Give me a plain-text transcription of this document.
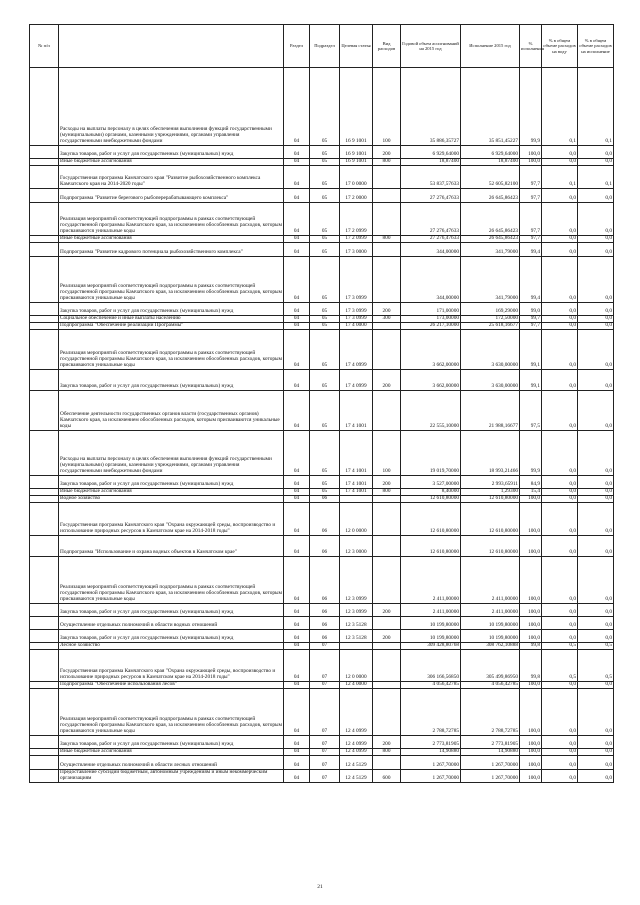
№ п/п		Раздел	Подраздел	Целевая статья	Вид расходов	Годовой объем ассигнований на 2015 год	Исполнение 2015 год	% исполнения	% в общем объеме расходов на воду	% в общем объеме расходов на исполнение
	Расходы на выплаты персоналу в целях обеспечения выполнения функций государственными (муниципальными) органами, казенными учреждениями, органами управления государственными внебюджетными фондами	04	05	16 9 1001	100	35 886,35727	35 851,45227	99,9	0,1	0,1
	Закупка товаров, работ и услуг для государственных (муниципальных) нужд	04	05	16 9 1001	200	6 929,64000	6 929,64000	100,0	0,0	0,0
	Иные бюджетные ассигнования	04	05	16 9 1001	800	18,87400	18,87400	100,0	0,0	0,0
	Государственная программа Камчатского края "Развитие рыбохозяйственного комплекса Камчатского края на 2014-2020 годы"	04	05	17 0 0000		53 837,57633	52 605,82100	97,7	0,1	0,1
	Подпрограмма "Развитие берегового рыбоперерабатывающего комплекса"	04	05	17 2 0000		27 276,47633	26 645,86423	97,7	0,0	0,0
	Реализация мероприятий соответствующей подпрограммы в рамках соответствующей государственной программы Камчатского края, за исключением обособленных расходов, которым присваиваются уникальные коды	04	05	17 2 0999		27 276,47633	26 645,86423	97,7	0,0	0,0
	Иные бюджетные ассигнования	04	05	17 2 0999	800	27 276,47633	26 645,86423	97,7	0,0	0,0
	Подпрограмма "Развитие кадрового потенциала рыбохозяйственного комплекса"	04	05	17 3 0000		344,00000	341,79000	99,4	0,0	0,0
	Реализация мероприятий соответствующей подпрограммы в рамках соответствующей государственной программы Камчатского края, за исключением обособленных расходов, которым присваиваются уникальные коды	04	05	17 3 0999		344,00000	341,79000	99,4	0,0	0,0
	Закупка товаров, работ и услуг для государственных (муниципальных) нужд	04	05	17 3 0999	200	171,00000	169,29000	99,0	0,0	0,0
	Социальное обеспечение и иные выплаты населению	04	05	17 3 0999	300	173,00000	172,50000	99,7	0,0	0,0
	Подпрограмма "Обеспечение реализации Программы"	04	05	17 4 0000		26 217,10000	25 618,16677	97,7	0,0	0,0
	Реализация мероприятий соответствующей подпрограммы в рамках соответствующей государственной программы Камчатского края, за исключением обособленных расходов, которым присваиваются уникальные коды	04	05	17 4 0999		3 662,00000	3 630,00000	99,1	0,0	0,0
	Закупка товаров, работ и услуг для государственных (муниципальных) нужд	04	05	17 4 0999	200	3 662,00000	3 630,00000	99,1	0,0	0,0
	Обеспечение деятельности государственных органов власти (государственных органов) Камчатского края, за исключением обособленных расходов, которым присваиваются уникальные коды	04	05	17 4 1001		22 555,10000	21 988,16677	97,5	0,0	0,0
	Расходы на выплаты персоналу в целях обеспечения выполнения функций государственными (муниципальными) органами, казенными учреждениями, органами управления государственными внебюджетными фондами	04	05	17 4 1001	100	19 019,70000	18 993,21466	99,9	0,0	0,0
	Закупка товаров, работ и услуг для государственных (муниципальных) нужд	04	05	17 4 1001	200	3 527,00000	2 993,65911	84,9	0,0	0,0
	Иные бюджетные ассигнования	04	05	17 4 1001	800	8,40000	1,29300	15,4	0,0	0,0
	Водное хозяйство	04	06			12 610,80000	12 610,80000	100,0	0,0	0,0
	Государственная программа Камчатского края "Охрана окружающей среды, воспроизводство и использование природных ресурсов в Камчатском крае на 2014-2018 годы"	04	06	12 0 0000		12 610,80000	12 610,80000	100,0	0,0	0,0
	Подпрограмма "Использование и охрана водных объектов в Камчатском крае"	04	06	12 3 0000		12 610,80000	12 610,80000	100,0	0,0	0,0
	Реализация мероприятий соответствующей подпрограммы в рамках соответствующей государственной программы Камчатского края, за исключением обособленных расходов, которым присваиваются уникальные коды	04	06	12 3 0999		2 411,00000	2 411,00000	100,0	0,0	0,0
	Закупка товаров, работ и услуг для государственных (муниципальных) нужд	04	06	12 3 0999	200	2 411,00000	2 411,00000	100,0	0,0	0,0
	Осуществление отдельных полномочий в области водных отношений	04	06	12 3 5128		10 199,80000	10 199,80000	100,0	0,0	0,0
	Закупка товаров, работ и услуг для государственных (муниципальных) нужд	04	06	12 3 5128	200	10 199,80000	10 199,80000	100,0	0,0	0,0
	Лесное хозяйство	04	07			309 428,80768	308 762,10888	99,8	0,5	0,5
	Государственная программа Камчатского края "Охрана окружающей среды, воспроизводство и использование природных ресурсов в Камчатском крае на 2014-2018 годы"	04	07	12 0 0000		306 166,56850	305 499,86950	99,8	0,5	0,5
	Подпрограмма "Обеспечение использования лесов"	04	07	12 4 0000		4 056,42785	4 056,42785	100,0	0,0	0,0
	Реализация мероприятий соответствующей подпрограммы в рамках соответствующей государственной программы Камчатского края, за исключением обособленных расходов, которым присваиваются уникальные коды	04	07	12 4 0999		2 788,72785	2 788,72785	100,0	0,0	0,0
	Закупка товаров, работ и услуг для государственных (муниципальных) нужд	04	07	12 4 0999	200	2 773,81905	2 773,81905	100,0	0,0	0,0
	Иные бюджетные ассигнования	04	07	12 4 0999	800	14,90880	14,90880	100,0	0,0	0,0
	Осуществление отдельных полномочий в области лесных отношений	04	07	12 4 5129		1 267,70000	1 267,70000	100,0	0,0	0,0
	Предоставление субсидий бюджетным, автономным учреждениям и иным некоммерческим организациям	04	07	12 4 5129	600	1 267,70000	1 267,70000	100,0	0,0	0,0
21
